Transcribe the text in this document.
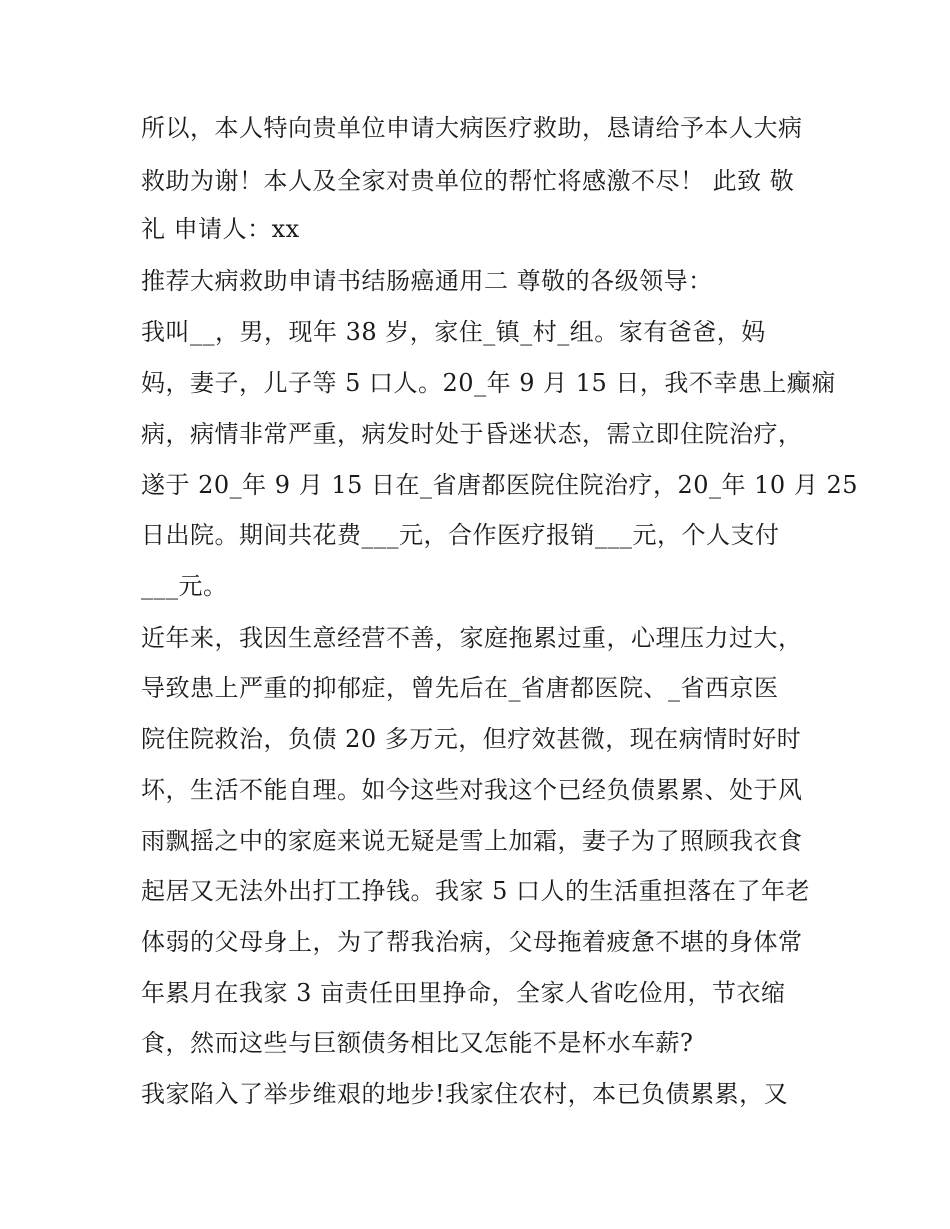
所以，本人特向贵单位申请大病医疗救助，恳请给予本人大病
救助为谢！本人及全家对贵单位的帮忙将感激不尽！ 此致 敬
礼 申请人：xx
推荐大病救助申请书结肠癌通用二 尊敬的各级领导：
我叫__，男，现年 38 岁，家住_镇_村_组。家有爸爸，妈
妈，妻子，儿子等 5 口人。20_年 9 月 15 日，我不幸患上癫痫
病，病情非常严重，病发时处于昏迷状态，需立即住院治疗，
遂于 20_年 9 月 15 日在_省唐都医院住院治疗，20_年 10 月 25
日出院。期间共花费___元，合作医疗报销___元，个人支付
___元。
近年来，我因生意经营不善，家庭拖累过重，心理压力过大，
导致患上严重的抑郁症，曾先后在_省唐都医院、_省西京医
院住院救治，负债 20 多万元，但疗效甚微，现在病情时好时
坏，生活不能自理。如今这些对我这个已经负债累累、处于风
雨飘摇之中的家庭来说无疑是雪上加霜，妻子为了照顾我衣食
起居又无法外出打工挣钱。我家 5 口人的生活重担落在了年老
体弱的父母身上，为了帮我治病，父母拖着疲惫不堪的身体常
年累月在我家 3 亩责任田里挣命，全家人省吃俭用，节衣缩
食，然而这些与巨额债务相比又怎能不是杯水车薪?
我家陷入了举步维艰的地步!我家住农村，本已负债累累，又
